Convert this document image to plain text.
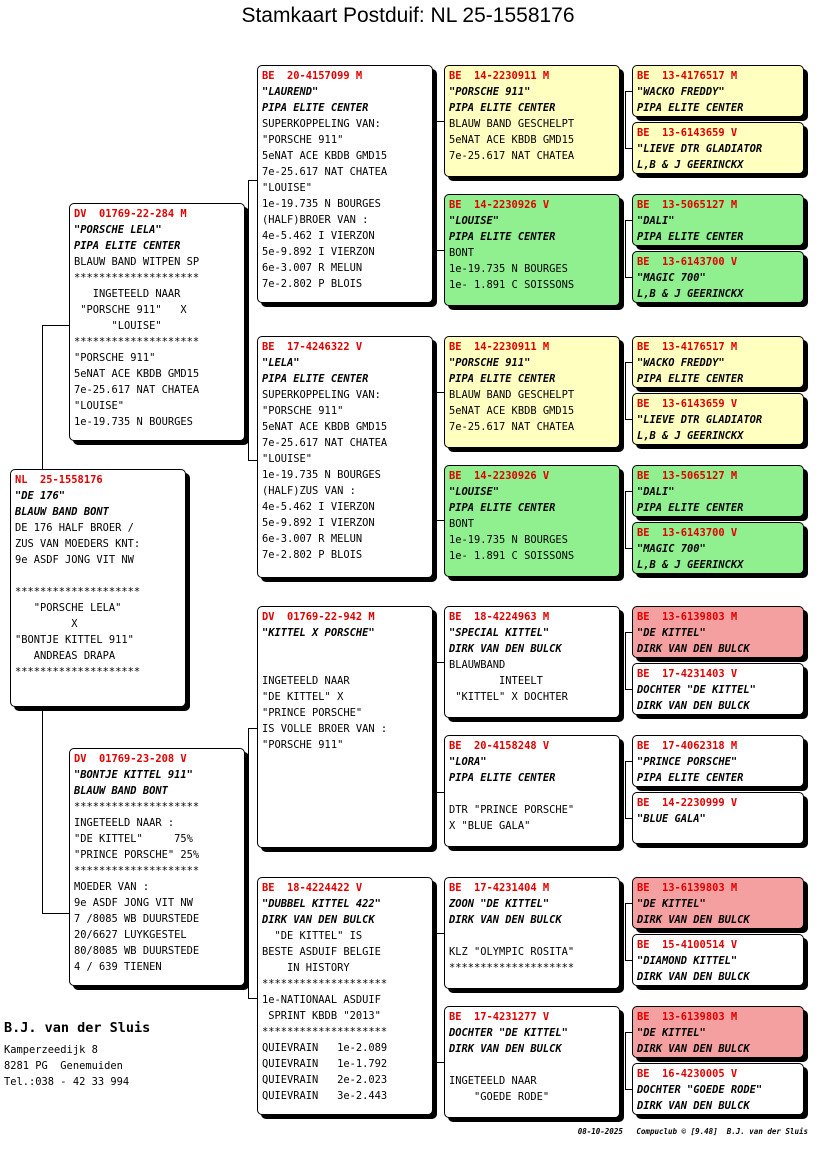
Stamkaart Postduif: NL 25-1558176
NL  25-1558176
"DE 176"
BLAUW BAND BONT
DE 176 HALF BROER /
ZUS VAN MOEDERS KNT:
9e ASDF JONG VIT NW
********************
"PORSCHE LELA"
X
"BONTJE KITTEL 911"
ANDREAS DRAPA
********************
DV  01769-22-284 M
"PORSCHE LELA"
PIPA ELITE CENTER
BLAUW BAND WITPEN SP
********************
INGETEELD NAAR
"PORSCHE 911"   X
"LOUISE"
********************
"PORSCHE 911"
5eNAT ACE KBDB GMD15
7e-25.617 NAT CHATEA
"LOUISE"
1e-19.735 N BOURGES
DV  01769-23-208 V
"BONTJE KITTEL 911"
BLAUW BAND BONT
********************
INGETEELD NAAR :
"DE KITTEL"     75%
"PRINCE PORSCHE" 25%
********************
MOEDER VAN :
9e ASDF JONG VIT NW
7 /8085 WB DUURSTEDE
20/6627 LUYKGESTEL
80/8085 WB DUURSTEDE
4 / 639 TIENEN
BE  20-4157099 M
"LAUREND"
PIPA ELITE CENTER
SUPERKOPPELING VAN:
"PORSCHE 911"
5eNAT ACE KBDB GMD15
7e-25.617 NAT CHATEA
"LOUISE"
1e-19.735 N BOURGES
(HALF)BROER VAN :
4e-5.462 I VIERZON
5e-9.892 I VIERZON
6e-3.007 R MELUN
7e-2.802 P BLOIS
BE  17-4246322 V
"LELA"
PIPA ELITE CENTER
SUPERKOPPELING VAN:
"PORSCHE 911"
5eNAT ACE KBDB GMD15
7e-25.617 NAT CHATEA
"LOUISE"
1e-19.735 N BOURGES
(HALF)ZUS VAN :
4e-5.462 I VIERZON
5e-9.892 I VIERZON
6e-3.007 R MELUN
7e-2.802 P BLOIS
DV  01769-22-942 M
"KITTEL X PORSCHE"
INGETEELD NAAR
"DE KITTEL" X
"PRINCE PORSCHE"
IS VOLLE BROER VAN :
"PORSCHE 911"
BE  18-4224422 V
"DUBBEL KITTEL 422"
DIRK VAN DEN BULCK
"DE KITTEL" IS
BESTE ASDUIF BELGIE
IN HISTORY
********************
1e-NATIONAAL ASDUIF
SPRINT KBDB "2013"
********************
QUIEVRAIN   1e-2.089
QUIEVRAIN   1e-1.792
QUIEVRAIN   2e-2.023
QUIEVRAIN   3e-2.443
BE  14-2230911 M
"PORSCHE 911"
PIPA ELITE CENTER
BLAUW BAND GESCHELPT
5eNAT ACE KBDB GMD15
7e-25.617 NAT CHATEA
BE  14-2230926 V
"LOUISE"
PIPA ELITE CENTER
BONT
1e-19.735 N BOURGES
1e- 1.891 C SOISSONS
BE  14-2230911 M
"PORSCHE 911"
PIPA ELITE CENTER
BLAUW BAND GESCHELPT
5eNAT ACE KBDB GMD15
7e-25.617 NAT CHATEA
BE  14-2230926 V
"LOUISE"
PIPA ELITE CENTER
BONT
1e-19.735 N BOURGES
1e- 1.891 C SOISSONS
BE  18-4224963 M
"SPECIAL KITTEL"
DIRK VAN DEN BULCK
BLAUWBAND
INTEELT
"KITTEL" X DOCHTER
BE  20-4158248 V
"LORA"
PIPA ELITE CENTER
DTR "PRINCE PORSCHE"
X "BLUE GALA"
BE  17-4231404 M
ZOON "DE KITTEL"
DIRK VAN DEN BULCK
KLZ "OLYMPIC ROSITA"
********************
BE  17-4231277 V
DOCHTER "DE KITTEL"
DIRK VAN DEN BULCK
INGETEELD NAAR
"GOEDE RODE"
BE  13-4176517 M
"WACKO FREDDY"
PIPA ELITE CENTER
BE  13-6143659 V
"LIEVE DTR GLADIATOR
L,B & J GEERINCKX
BE  13-5065127 M
"DALI"
PIPA ELITE CENTER
BE  13-6143700 V
"MAGIC 700"
L,B & J GEERINCKX
BE  13-4176517 M
"WACKO FREDDY"
PIPA ELITE CENTER
BE  13-6143659 V
"LIEVE DTR GLADIATOR
L,B & J GEERINCKX
BE  13-5065127 M
"DALI"
PIPA ELITE CENTER
BE  13-6143700 V
"MAGIC 700"
L,B & J GEERINCKX
BE  13-6139803 M
"DE KITTEL"
DIRK VAN DEN BULCK
BE  17-4231403 V
DOCHTER "DE KITTEL"
DIRK VAN DEN BULCK
BE  17-4062318 M
"PRINCE PORSCHE"
PIPA ELITE CENTER
BE  14-2230999 V
"BLUE GALA"
BE  13-6139803 M
"DE KITTEL"
DIRK VAN DEN BULCK
BE  15-4100514 V
"DIAMOND KITTEL"
DIRK VAN DEN BULCK
BE  13-6139803 M
"DE KITTEL"
DIRK VAN DEN BULCK
BE  16-4230005 V
DOCHTER "GOEDE RODE"
DIRK VAN DEN BULCK
B.J. van der Sluis
Kamperzeedijk 8
8281 PG  Genemuiden
Tel.:038 - 42 33 994
08-10-2025   Compuclub © [9.48]  B.J. van der Sluis
